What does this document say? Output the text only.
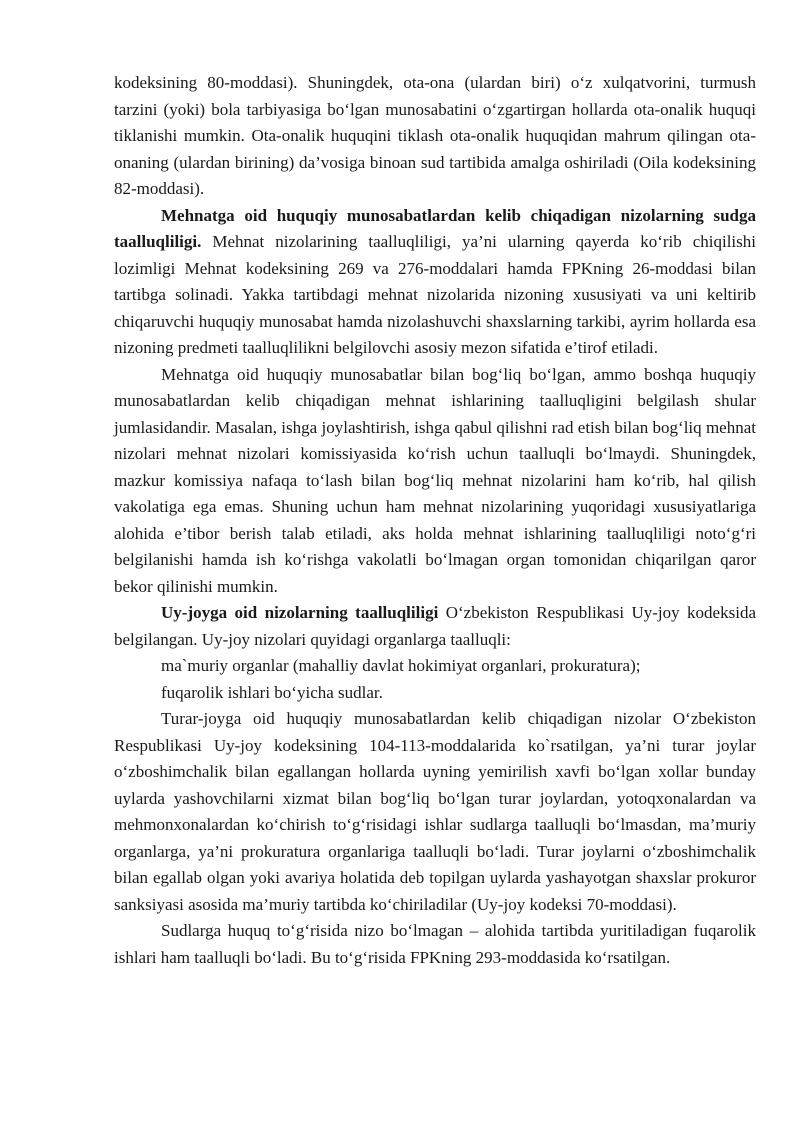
kodeksining 80-moddasi). Shuningdek, ota-ona (ulardan biri) o‘z xulqatvorini, turmush tarzini (yoki) bola tarbiyasiga bo‘lgan munosabatini o‘zgartirgan hollarda ota-onalik huquqi tiklanishi mumkin. Ota-onalik huquqini tiklash ota-onalik huquqidan mahrum qilingan ota-onaning (ulardan birining) da’vosiga binoan sud tartibida amalga oshiriladi (Oila kodeksining 82-moddasi).

Mehnatga oid huquqiy munosabatlardan kelib chiqadigan nizolarning sudga taalluqliligi. Mehnat nizolarining taalluqliligi, ya’ni ularning qayerda ko‘rib chiqilishi lozimligi Mehnat kodeksining 269 va 276-moddalari hamda FPKning 26-moddasi bilan tartibga solinadi. Yakka tartibdagi mehnat nizolarida nizoning xususiyati va uni keltirib chiqaruvchi huquqiy munosabat hamda nizolashuvchi shaxslarning tarkibi, ayrim hollarda esa nizoning predmeti taalluqlilikni belgilovchi asosiy mezon sifatida e’tirof etiladi.

Mehnatga oid huquqiy munosabatlar bilan bog‘liq bo‘lgan, ammo boshqa huquqiy munosabatlardan kelib chiqadigan mehnat ishlarining taalluqligini belgilash shular jumlasidandir. Masalan, ishga joylashtirish, ishga qabul qilishni rad etish bilan bog‘liq mehnat nizolari mehnat nizolari komissiyasida ko‘rish uchun taalluqli bo‘lmaydi. Shuningdek, mazkur komissiya nafaqa to‘lash bilan bog‘liq mehnat nizolarini ham ko‘rib, hal qilish vakolatiga ega emas. Shuning uchun ham mehnat nizolarining yuqoridagi xususiyatlariga alohida e’tibor berish talab etiladi, aks holda mehnat ishlarining taalluqliligi noto‘g‘ri belgilanishi hamda ish ko‘rishga vakolatli bo‘lmagan organ tomonidan chiqarilgan qaror bekor qilinishi mumkin.

Uy-joyga oid nizolarning taalluqliligi O‘zbekiston Respublikasi Uy-joy kodeksida belgilangan. Uy-joy nizolari quyidagi organlarga taalluqli:

ma`muriy organlar (mahalliy davlat hokimiyat organlari, prokuratura);

fuqarolik ishlari bo‘yicha sudlar.

Turar-joyga oid huquqiy munosabatlardan kelib chiqadigan nizolar O‘zbekiston Respublikasi Uy-joy kodeksining 104-113-moddalarida ko`rsatilgan, ya’ni turar joylar o‘zboshimchalik bilan egallangan hollarda uyning yemirilish xavfi bo‘lgan xollar bunday uylarda yashovchilarni xizmat bilan bog‘liq bo‘lgan turar joylardan, yotoqxonalardan va mehmonxonalardan ko‘chirish to‘g‘risidagi ishlar sudlarga taalluqli bo‘lmasdan, ma’muriy organlarga, ya’ni prokuratura organlariga taalluqli bo‘ladi. Turar joylarni o‘zboshimchalik bilan egallab olgan yoki avariya holatida deb topilgan uylarda yashayotgan shaxslar prokuror sanksiyasi asosida ma’muriy tartibda ko‘chiriladilar (Uy-joy kodeksi 70-moddasi).

Sudlarga huquq to‘g‘risida nizo bo‘lmagan – alohida tartibda yuritiladigan fuqarolik ishlari ham taalluqli bo‘ladi. Bu to‘g‘risida FPKning 293-moddasida ko‘rsatilgan.
